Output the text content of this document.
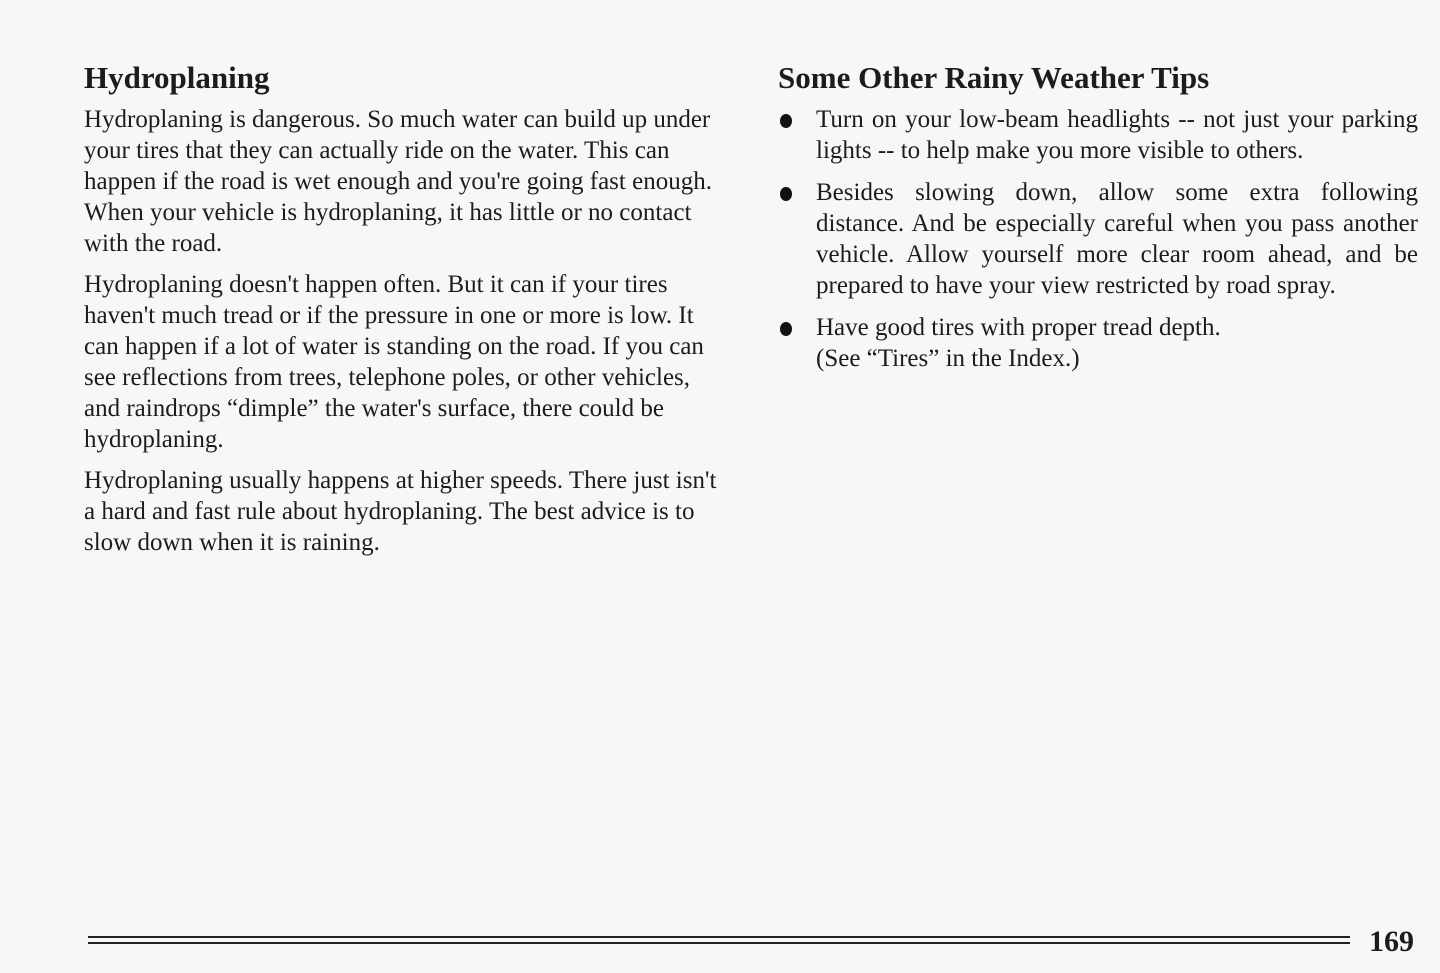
Hydroplaning

Hydroplaning is dangerous. So much water can build up under your tires that they can actually ride on the water. This can happen if the road is wet enough and you're going fast enough. When your vehicle is hydroplaning, it has little or no contact with the road.

Hydroplaning doesn't happen often. But it can if your tires haven't much tread or if the pressure in one or more is low. It can happen if a lot of water is standing on the road. If you can see reflections from trees, telephone poles, or other vehicles, and raindrops “dimple” the water's surface, there could be hydroplaning.

Hydroplaning usually happens at higher speeds. There just isn't a hard and fast rule about hydroplaning. The best advice is to slow down when it is raining.

Some Other Rainy Weather Tips
Turn on your low-beam headlights -- not just your parking lights -- to help make you more visible to others.
Besides slowing down, allow some extra following distance. And be especially careful when you pass another vehicle. Allow yourself more clear room ahead, and be prepared to have your view restricted by road spray.
Have good tires with proper tread depth.
(See “Tires” in the Index.)
169
